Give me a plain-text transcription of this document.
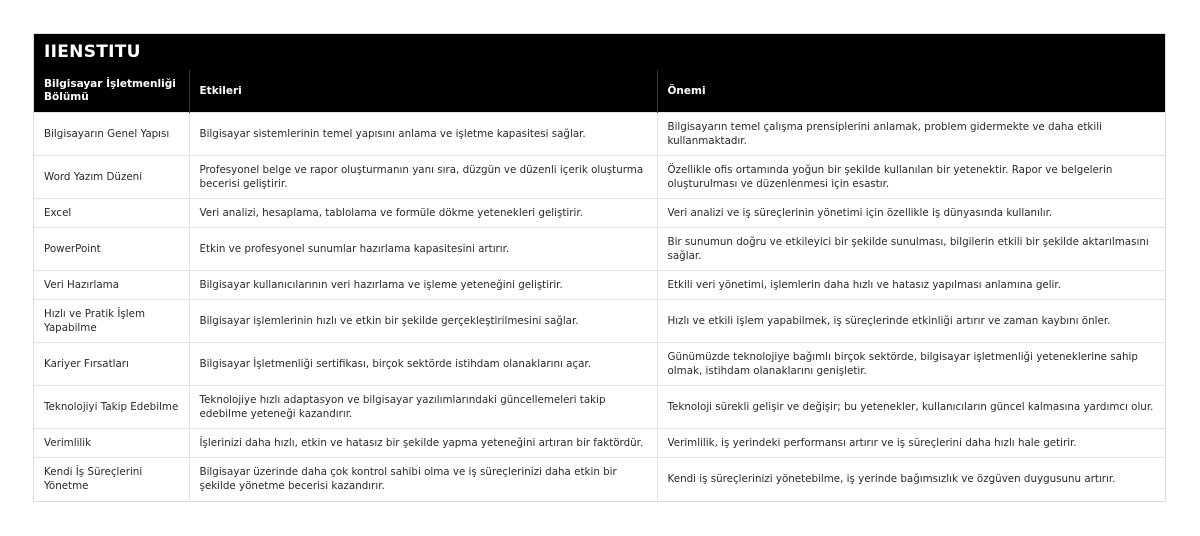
IIENSTITU
Bilgisayar İşletmenliği Bölümü	Etkileri	Önemi
Bilgisayarın Genel Yapısı	Bilgisayar sistemlerinin temel yapısını anlama ve işletme kapasitesi sağlar.	Bilgisayarın temel çalışma prensiplerini anlamak, problem gidermekte ve daha etkili kullanmaktadır.
Word Yazım Düzeni	Profesyonel belge ve rapor oluşturmanın yanı sıra, düzgün ve düzenli içerik oluşturma becerisi geliştirir.	Özellikle ofis ortamında yoğun bir şekilde kullanılan bir yetenektir. Rapor ve belgelerin oluşturulması ve düzenlenmesi için esastır.
Excel	Veri analizi, hesaplama, tablolama ve formüle dökme yetenekleri geliştirir.	Veri analizi ve iş süreçlerinin yönetimi için özellikle iş dünyasında kullanılır.
PowerPoint	Etkin ve profesyonel sunumlar hazırlama kapasitesini artırır.	Bir sunumun doğru ve etkileyici bir şekilde sunulması, bilgilerin etkili bir şekilde aktarılmasını sağlar.
Veri Hazırlama	Bilgisayar kullanıcılarının veri hazırlama ve işleme yeteneğini geliştirir.	Etkili veri yönetimi, işlemlerin daha hızlı ve hatasız yapılması anlamına gelir.
Hızlı ve Pratik İşlem Yapabilme	Bilgisayar işlemlerinin hızlı ve etkin bir şekilde gerçekleştirilmesini sağlar.	Hızlı ve etkili işlem yapabilmek, iş süreçlerinde etkinliği artırır ve zaman kaybını önler.
Kariyer Fırsatları	Bilgisayar İşletmenliği sertifikası, birçok sektörde istihdam olanaklarını açar.	Günümüzde teknolojiye bağımlı birçok sektörde, bilgisayar işletmenliği yeteneklerine sahip olmak, istihdam olanaklarını genişletir.
Teknolojiyi Takip Edebilme	Teknolojiye hızlı adaptasyon ve bilgisayar yazılımlarındaki güncellemeleri takip edebilme yeteneği kazandırır.	Teknoloji sürekli gelişir ve değişir; bu yetenekler, kullanıcıların güncel kalmasına yardımcı olur.
Verimlilik	İşlerinizi daha hızlı, etkin ve hatasız bir şekilde yapma yeteneğini artıran bir faktördür.	Verimlilik, iş yerindeki performansı artırır ve iş süreçlerini daha hızlı hale getirir.
Kendi İş Süreçlerini Yönetme	Bilgisayar üzerinde daha çok kontrol sahibi olma ve iş süreçlerinizi daha etkin bir şekilde yönetme becerisi kazandırır.	Kendi iş süreçlerinizi yönetebilme, iş yerinde bağımsızlık ve özgüven duygusunu artırır.
